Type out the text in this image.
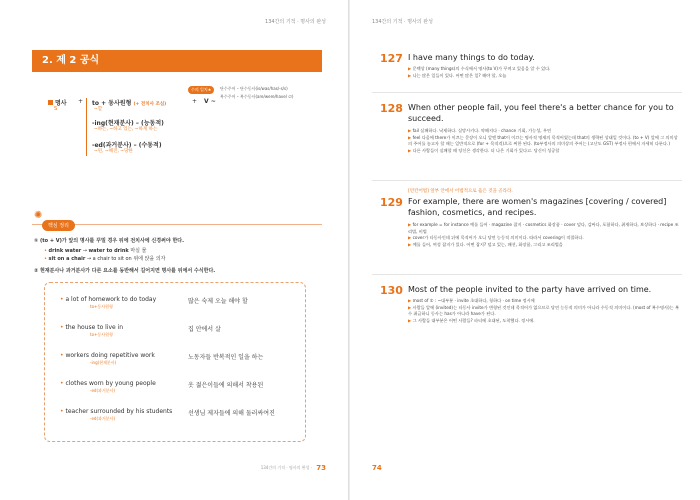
134간의 기적 · 명사의 완성
2. 제 2 공식
명사
S
+ to + 동사원형 (+ 전치사 조심)
~할
-ing(현재분사) – (능동적)
~하는, ~하고 있는, ~하게 하는
-ed(과거분사) – (수동적)
~된, ~해진, ~당한
+ V ~
수의 일치★	단수주어 – 단수동사(is/was/has/-s/s)
복수주어 – 복수동사(are/were/have/ ∅)
✺
핵심 정리
① (to + V)가 앞의 명사를 꾸밀 경우 뒤에 전치사에 신경써야 한다.
• drink water → water to drink 마실 물
• sit on a chair → a chair to sit on 위에 앉을 의자
② 현재분사나 과거분사가 다른 요소를 동반해서 길어지면 명사를 뒤에서 수식한다.
• a lot of homework to do today
to+동사원형
많은 숙제 오늘 해야 할
• the house to live in
to+동사원형
집 안에서 살
• workers doing repetitive work
-ing(현재분사)
노동자들 반복적인 일을 하는
• clothes worn by young people
-ed(과거분사)
옷 젊은이들에 의해서 착용된
• teacher surrounded by his students
-ed(과거분사)
선생님 제자들에 의해 둘러싸여진
134간의 기적 · 명사의 완성 · 73
134간의 기적 · 명사의 완성
127 I have many things to do today.
▶ 문맥상 (many things)의 수식에서 명사(to V)가 꾸며고 있음을 알 수 있다.
▶ 나는 많은 일들이 있다. 어떤 많은 일? 해야 할, 오늘
128 When other people fail, you feel there's a better chance for you to succeed.
▶ fail 실패하다. 낙제하다. 실망시키다. 약해지다 · chance 기회, 가능성, 우연
▶ feel 다음에 there가 이끄는 문장이 오니 앞엔 that이 이끄는 명사적 명제의 목적어였는데 that의 생략된 상태일 것이다. (to + V) 앞에 그 의미상의 주어를 놓고자 할 때는 일반적으로 (for + 목적격)으로 써한 된다. (to부정사의 의미상의 주어는 (고난도 GST) 부정사 편에서 자세히 다룬다.)
▶ 다른 사람들이 실패할 때 당신은 생각한다. 더 나은 기회가 있다고. 당신이 성공할
[빈칸어법] 앞부 안에서 어법적으로 옳은 것을 골라라.
129 For example, there are women's magazines [covering / covered] fashion, cosmetics, and recipes.
▶ for example = for instance 예를 들어 · magazine 잡지 · cosmetics 화장품 · cover 덮다, 감싸다, 포함하다, 취재하다, 보상하다 · recipe 조리법, 비법
▶ cover가 타동사인데 뒤에 목적어가 오니 당연 능동적 의미이다. 따라서 covering이 적절하다.
▶ 예를 들어, 여성 잡지가 있다. 어떤 잡지? 덮고 있는, 패션, 화장품, 그리고 조리법을
130 Most of the people invited to the party have arrived on time.
▶ most of ① : ~대부분 · invite 초대하다, 청하다 · on time 정시에
▶ 사람들 앞에 (invited)는 타동사 invite가 변형된 것인데 목적어가 없으므로 당연 능동적 의미가 아니라 수동적 의미이다. (most of 복수명사)는 복수 취급하니 동사는 has가 아니라 have가 된다.
▶ 그 사람들 대부분은 어떤 사람들? 파티에 초대된, 도착했다. 정시에.
74
